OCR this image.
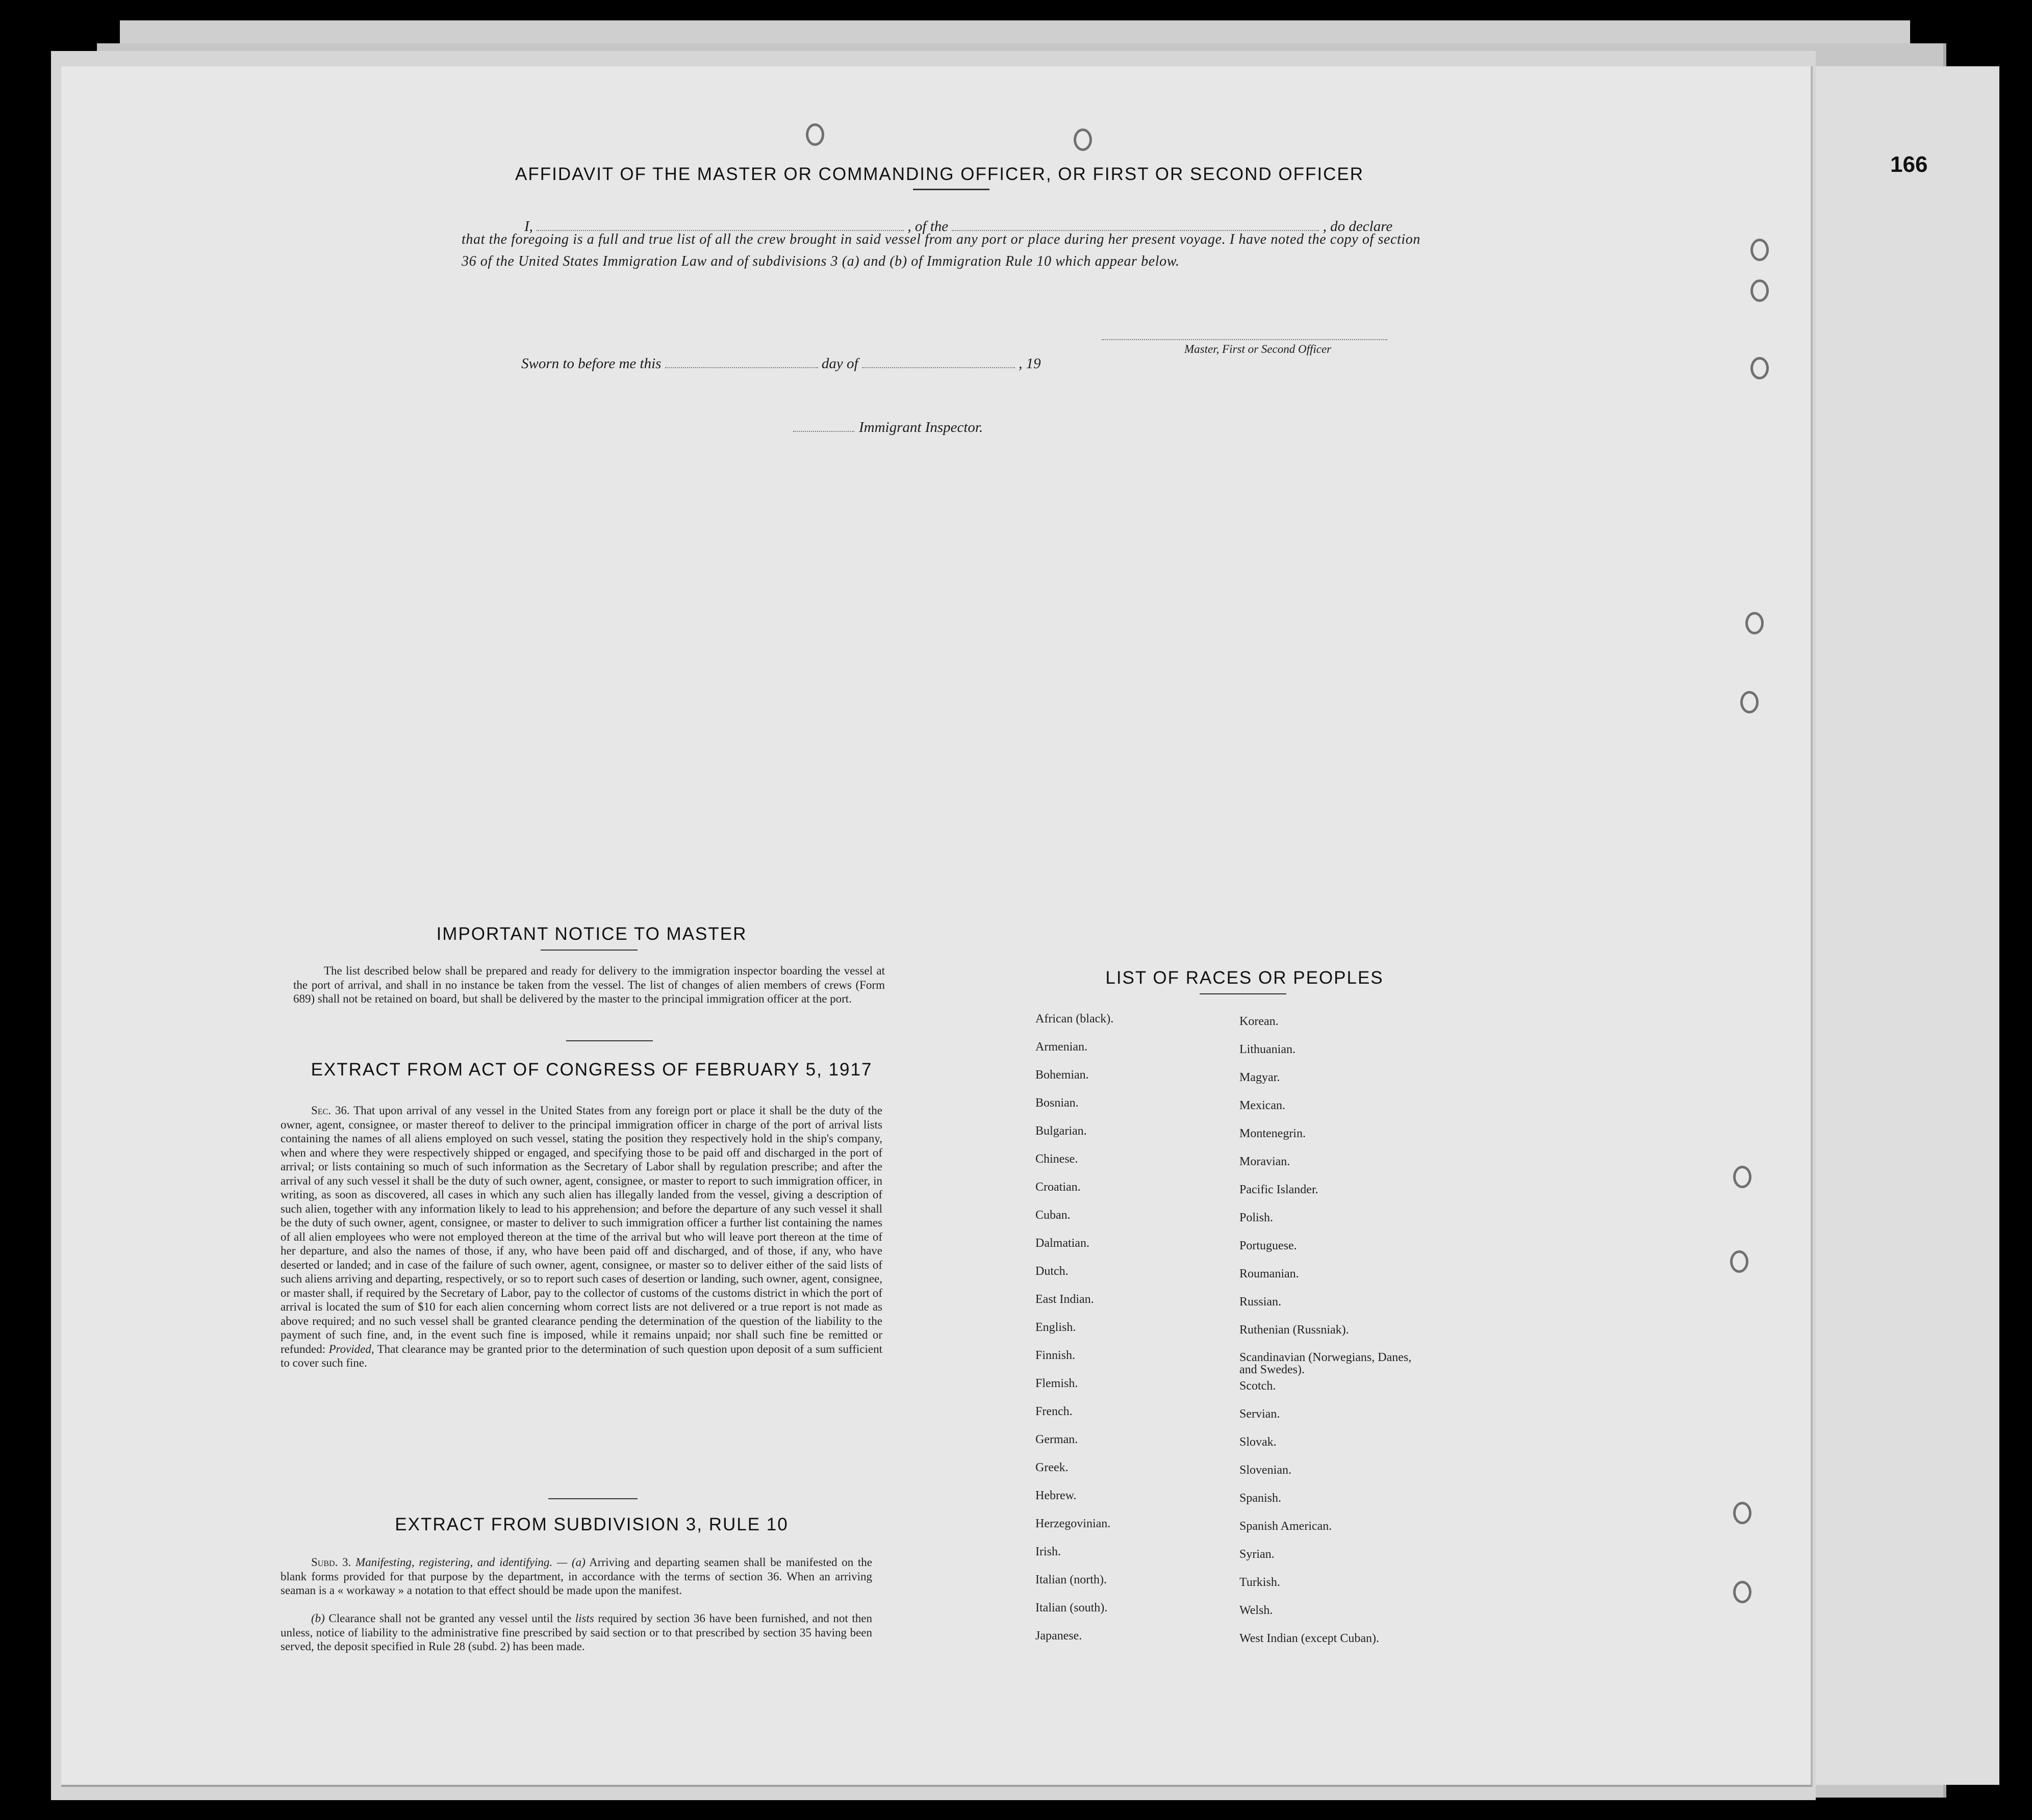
166
AFFIDAVIT OF THE MASTER OR COMMANDING OFFICER, OR FIRST OR SECOND OFFICER
I,	, of the	, do declare
that the foregoing is a full and true list of all the crew brought in said vessel from any port or place during her present voyage. I have noted the copy of section 36 of the United States Immigration Law and of subdivisions 3 (a) and (b) of Immigration Rule 10 which appear below.
Master, First or Second Officer
Sworn to before me this	day of	, 19
Immigrant Inspector.
IMPORTANT NOTICE TO MASTER
The list described below shall be prepared and ready for delivery to the immigration inspector boarding the vessel at the port of arrival, and shall in no instance be taken from the vessel. The list of changes of alien members of crews (Form 689) shall not be retained on board, but shall be delivered by the master to the principal immigration officer at the port.
EXTRACT FROM ACT OF CONGRESS OF FEBRUARY 5, 1917
Sec. 36. That upon arrival of any vessel in the United States from any foreign port or place it shall be the duty of the owner, agent, consignee, or master thereof to deliver to the principal immigration officer in charge of the port of arrival lists containing the names of all aliens employed on such vessel, stating the position they respectively hold in the ship's company, when and where they were respectively shipped or engaged, and specifying those to be paid off and discharged in the port of arrival; or lists containing so much of such information as the Secretary of Labor shall by regulation prescribe; and after the arrival of any such vessel it shall be the duty of such owner, agent, consignee, or master to report to such immigration officer, in writing, as soon as discovered, all cases in which any such alien has illegally landed from the vessel, giving a description of such alien, together with any information likely to lead to his apprehension; and before the departure of any such vessel it shall be the duty of such owner, agent, consignee, or master to deliver to such immigration officer a further list containing the names of all alien employees who were not employed thereon at the time of the arrival but who will leave port thereon at the time of her departure, and also the names of those, if any, who have been paid off and discharged, and of those, if any, who have deserted or landed; and in case of the failure of such owner, agent, consignee, or master so to deliver either of the said lists of such aliens arriving and departing, respectively, or so to report such cases of desertion or landing, such owner, agent, consignee, or master shall, if required by the Secretary of Labor, pay to the collector of customs of the customs district in which the port of arrival is located the sum of $10 for each alien concerning whom correct lists are not delivered or a true report is not made as above required; and no such vessel shall be granted clearance pending the determination of the question of the liability to the payment of such fine, and, in the event such fine is imposed, while it remains unpaid; nor shall such fine be remitted or refunded: Provided, That clearance may be granted prior to the determination of such question upon deposit of a sum sufficient to cover such fine.
EXTRACT FROM SUBDIVISION 3, RULE 10
Subd. 3. Manifesting, registering, and identifying. — (a) Arriving and departing seamen shall be manifested on the blank forms provided for that purpose by the department, in accordance with the terms of section 36. When an arriving seaman is a « workaway » a notation to that effect should be made upon the manifest.
(b) Clearance shall not be granted any vessel until the lists required by section 36 have been furnished, and not then unless, notice of liability to the administrative fine prescribed by said section or to that prescribed by section 35 having been served, the deposit specified in Rule 28 (subd. 2) has been made.
LIST OF RACES OR PEOPLES
African (black).
Armenian.
Bohemian.
Bosnian.
Bulgarian.
Chinese.
Croatian.
Cuban.
Dalmatian.
Dutch.
East Indian.
English.
Finnish.
Flemish.
French.
German.
Greek.
Hebrew.
Herzegovinian.
Irish.
Italian (north).
Italian (south).
Japanese.
Korean.
Lithuanian.
Magyar.
Mexican.
Montenegrin.
Moravian.
Pacific Islander.
Polish.
Portuguese.
Roumanian.
Russian.
Ruthenian (Russniak).
Scandinavian (Norwegians, Danes, and Swedes).
Scotch.
Servian.
Slovak.
Slovenian.
Spanish.
Spanish American.
Syrian.
Turkish.
Welsh.
West Indian (except Cuban).
